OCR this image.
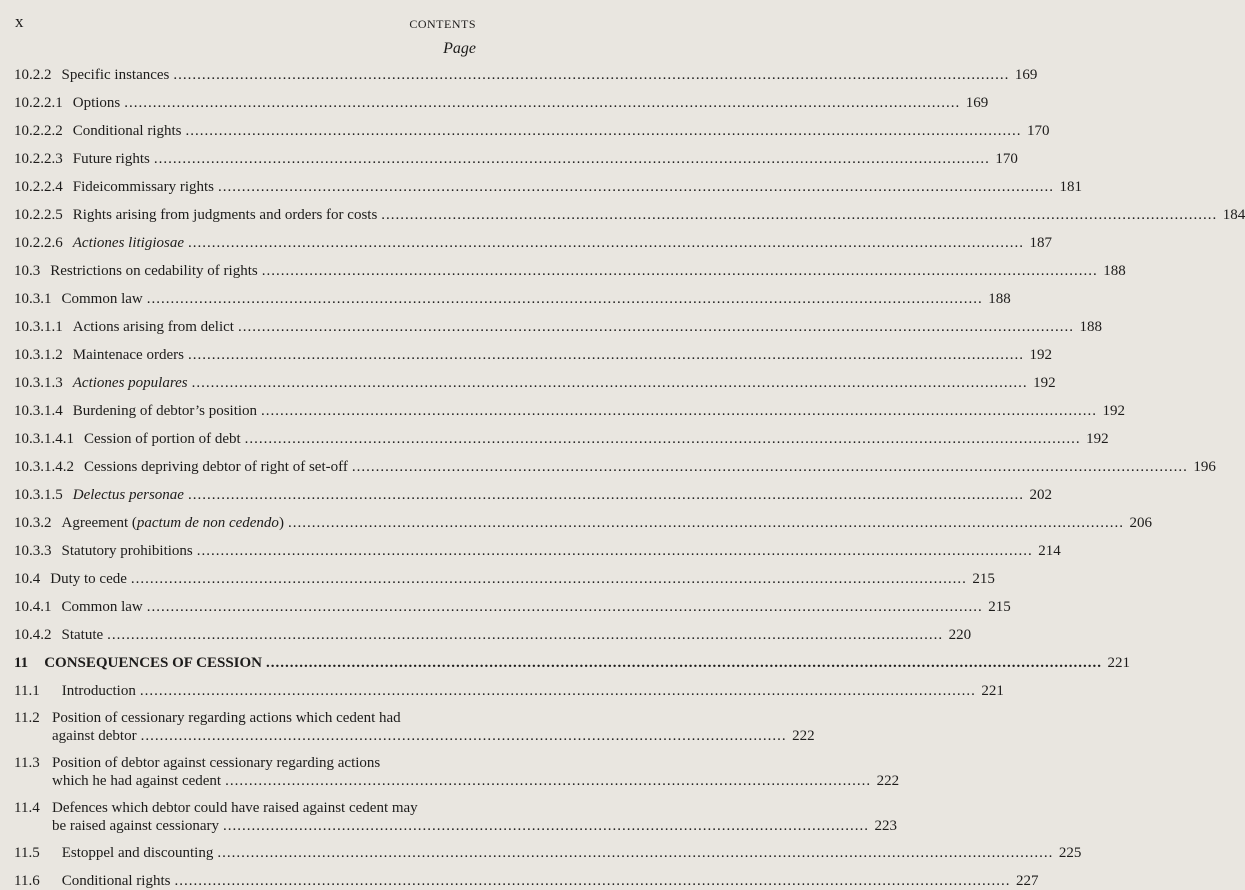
x	CONTENTS
Page
10.2.2 Specific instances .....	169
10.2.2.1 Options .....	169
10.2.2.2 Conditional rights .....	170
10.2.2.3 Future rights .....	170
10.2.2.4 Fideicommissary rights .....	181
10.2.2.5 Rights arising from judgments and orders for costs .....	184
10.2.2.6 Actiones litigiosae .....	187
10.3 Restrictions on cedability of rights .....	188
10.3.1 Common law .....	188
10.3.1.1 Actions arising from delict .....	188
10.3.1.2 Maintenace orders .....	192
10.3.1.3 Actiones populares .....	192
10.3.1.4 Burdening of debtor’s position .....	192
10.3.1.4.1 Cession of portion of debt .....	192
10.3.1.4.2 Cessions depriving debtor of right of set-off .....	196
10.3.1.5 Delectus personae .....	202
10.3.2 Agreement (pactum de non cedendo) .....	206
10.3.3 Statutory prohibitions .....	214
10.4 Duty to cede .....	215
10.4.1 Common law .....	215
10.4.2 Statute .....	220
11 CONSEQUENCES OF CESSION .....	221
11.1 Introduction .....	221
11.2 Position of cessionary regarding actions which cedent had
against debtor .....	222
11.3 Position of debtor against cessionary regarding actions
which he had against cedent .....	222
11.4 Defences which debtor could have raised against cedent may
be raised against cessionary .....	223
11.5 Estoppel and discounting .....	225
11.6 Conditional rights .....	227
